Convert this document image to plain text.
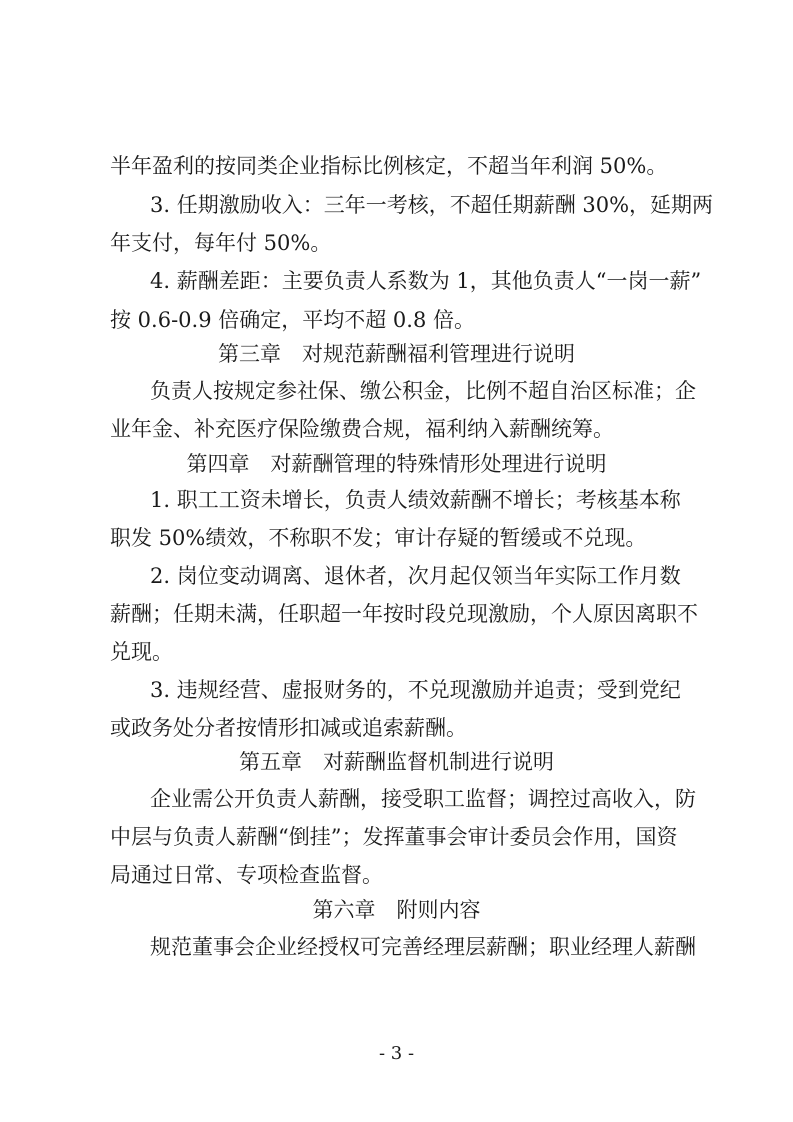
半年盈利的按同类企业指标比例核定，不超当年利润 50%。
3. 任期激励收入：三年一考核，不超任期薪酬 30%，延期两
年支付，每年付 50%。
4. 薪酬差距：主要负责人系数为 1，其他负责人“一岗一薪”
按 0.6-0.9 倍确定，平均不超 0.8 倍。
第三章　对规范薪酬福利管理进行说明
负责人按规定参社保、缴公积金，比例不超自治区标准；企
业年金、补充医疗保险缴费合规，福利纳入薪酬统筹。
第四章　对薪酬管理的特殊情形处理进行说明
1. 职工工资未增长，负责人绩效薪酬不增长；考核基本称
职发 50%绩效，不称职不发；审计存疑的暂缓或不兑现。
2. 岗位变动调离、退休者，次月起仅领当年实际工作月数
薪酬；任期未满，任职超一年按时段兑现激励，个人原因离职不
兑现。
3. 违规经营、虚报财务的，不兑现激励并追责；受到党纪
或政务处分者按情形扣减或追索薪酬。
第五章　对薪酬监督机制进行说明
企业需公开负责人薪酬，接受职工监督；调控过高收入，防
中层与负责人薪酬“倒挂”；发挥董事会审计委员会作用，国资
局通过日常、专项检查监督。
第六章　附则内容
规范董事会企业经授权可完善经理层薪酬；职业经理人薪酬
- 3 -
